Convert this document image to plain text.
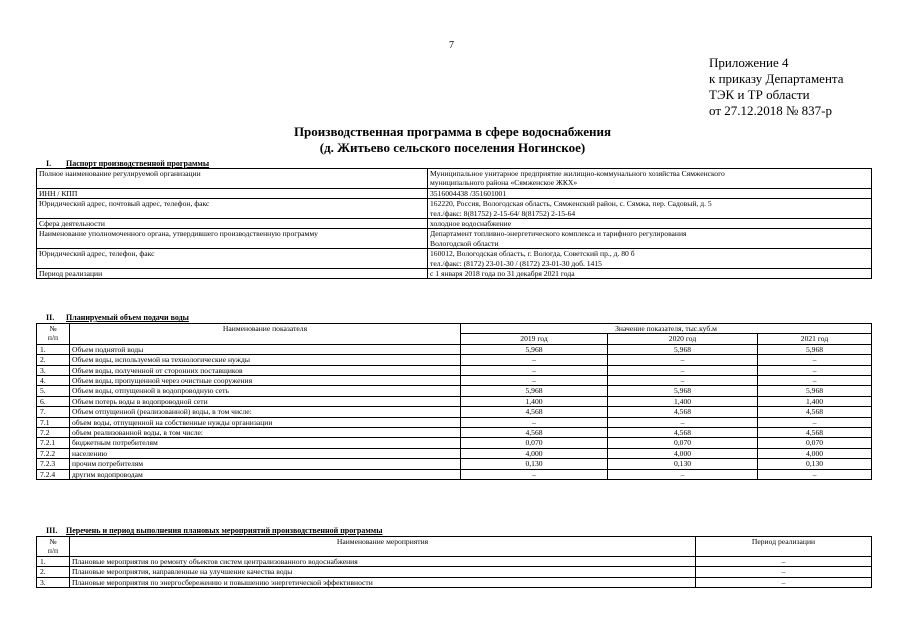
7
Приложение 4
к приказу Департамента
ТЭК и ТР области
от 27.12.2018 № 837-р
Производственная программа в сфере водоснабжения
(д. Житьево сельского поселения Ногинское)
I. Паспорт производственной программы
Полное наименование регулируемой организации	Муниципальное унитарное предприятие жилищно-коммунального хозяйства Сямженского
муниципального района «Сямженское ЖКХ»

ИНН / КПП	3516004438 /351601001
Юридический адрес, почтовый адрес, телефон, факс	162220, Россия, Вологодская область, Сямженский район, с. Сямжа, пер. Садовый, д. 5
тел./факс: 8(81752) 2-15-64/ 8(81752) 2-15-64

Сфера деятельности	холодное водоснабжение
Наименование уполномоченного органа, утвердившего производственную программу	Департамент топливно-энергетического комплекса и тарифного регулирования
Вологодской области

Юридический адрес, телефон, факс	160012, Вологодская область, г. Вологда, Советский пр., д. 80 б
тел./факс: (8172) 23-01-30 / (8172) 23-01-30 доб. 1415

Период реализации	с 1 января 2018 года по 31 декабря 2021 года
II. Планируемый объем подачи воды
№
п/п	Наименование показателя	Значение показателя, тыс.куб.м		
		2019 год	2020 год	2021 год
1.	Объем поднятой воды	5,968	5,968	5,968
2.	Объем воды, используемой на технологические нужды	–	–	–
3.	Объем воды, полученной от сторонних поставщиков	–	–	–
4.	Объем воды, пропущенной через очистные сооружения	–	–	–
5.	Объем воды, отпущенной в водопроводную сеть	5,968	5,968	5,968
6.	Объем потерь воды в водопроводной сети	1,400	1,400	1,400
7.	Объем отпущенной (реализованной) воды, в том числе:	4,568	4,568	4,568
7.1	объем воды, отпущенной на собственные нужды организации	–	–	–
7.2	объем реализованной воды, в том числе:	4,568	4,568	4,568
7.2.1	бюджетным потребителям	0,070	0,070	0,070
7.2.2	населению	4,000	4,000	4,000
7.2.3	прочим потребителям	0,130	0,130	0,130
7.2.4	другим водопроводам	–	–	–
III. Перечень и период выполнения плановых мероприятий производственной программы
№
п/п	Наименование мероприятия	Период реализации
1.	Плановые мероприятия по ремонту объектов систем централизованного водоснабжения	–
2.	Плановые мероприятия, направленные на улучшение качества воды	–
3.	Плановые мероприятия по энергосбережению и повышению энергетической эффективности	–
